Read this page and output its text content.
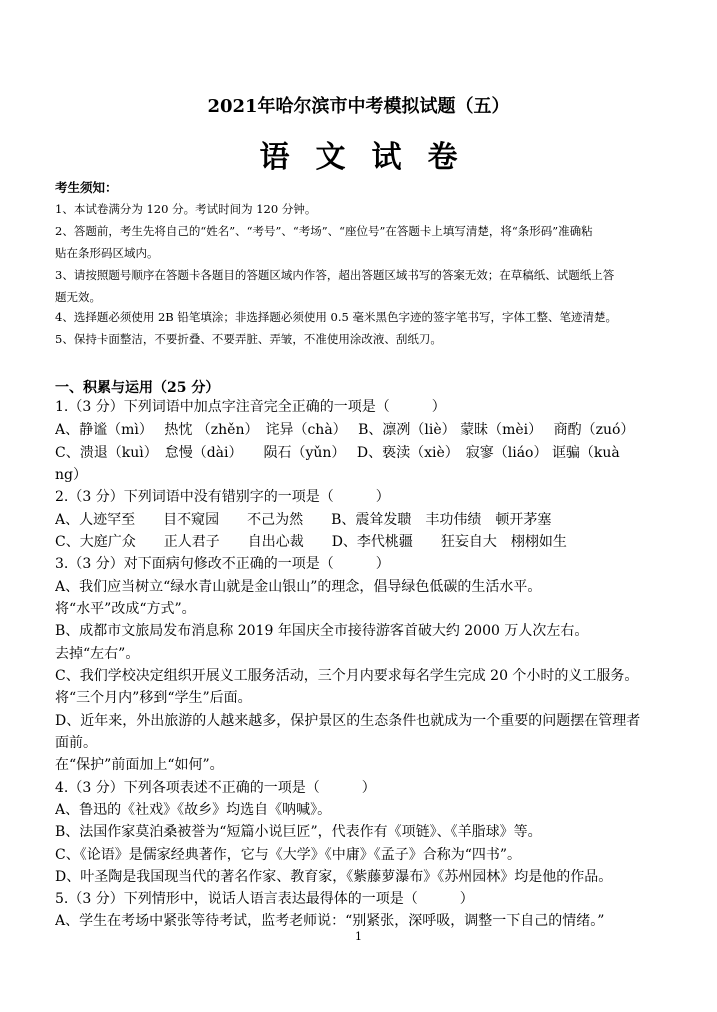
2021年哈尔滨市中考模拟试题（五）
语文试卷
考生须知：
1、本试卷满分为 120 分。考试时间为 120 分钟。
2、答题前，考生先将自己的“姓名”、“考号”、“考场”、“座位号”在答题卡上填写清楚，将“条形码”准确粘
贴在条形码区域内。
3、请按照题号顺序在答题卡各题目的答题区域内作答，超出答题区域书写的答案无效；在草稿纸、试题纸上答
题无效。
4、选择题必须使用 2B 铅笔填涂；非选择题必须使用 0.5 毫米黑色字迹的签字笔书写，字体工整、笔迹清楚。
5、保持卡面整洁，不要折叠、不要弄脏、弄皱，不准使用涂改液、刮纸刀。
一、积累与运用（25 分）
1.（3 分）下列词语中加点字注音完全正确的一项是（　　　）
A、静谧（mì）　 热忱 （zhěn）　诧异（chà）　 B、凛冽（liè） 蒙昧（mèi）　 商酌（zuó）
C、溃退（kuì）　怠慢（dài）　　陨石（yǔn）　 D、亵渎（xiè）　寂寥（liáo） 诓骗（kuà
ng）
2.（3 分）下列词语中没有错别字的一项是（　　　）
A、人迹罕至　　目不窥园　　不己为然　　B、震耸发聩　丰功伟绩　顿开茅塞
C、大庭广众　　正人君子　　自出心裁　　D、李代桃疆　　狂妄自大　栩栩如生
3.（3 分）对下面病句修改不正确的一项是（　　　）
A、我们应当树立“绿水青山就是金山银山”的理念，倡导绿色低碳的生活水平。
将“水平”改成“方式”。
B、成都市文旅局发布消息称 2019 年国庆全市接待游客首破大约 2000 万人次左右。
去掉“左右”。
C、我们学校决定组织开展义工服务活动，三个月内要求每名学生完成 20 个小时的义工服务。
将“三个月内”移到“学生”后面。
D、近年来，外出旅游的人越来越多，保护景区的生态条件也就成为一个重要的问题摆在管理者
面前。
在“保护”前面加上“如何”。
4.（3 分）下列各项表述不正确的一项是（　　　）
A、鲁迅的《社戏》《故乡》均选自《呐喊》。
B、法国作家莫泊桑被誉为“短篇小说巨匠”，代表作有《项链》、《羊脂球》等。
C、《论语》是儒家经典著作，它与《大学》《中庸》《孟子》合称为“四书”。
D、叶圣陶是我国现当代的著名作家、教育家，《紫藤萝瀑布》《苏州园林》均是他的作品。
5.（3 分）下列情形中，说话人语言表达最得体的一项是（　　　）
A、学生在考场中紧张等待考试，监考老师说：“别紧张，深呼吸，调整一下自己的情绪。”
1
